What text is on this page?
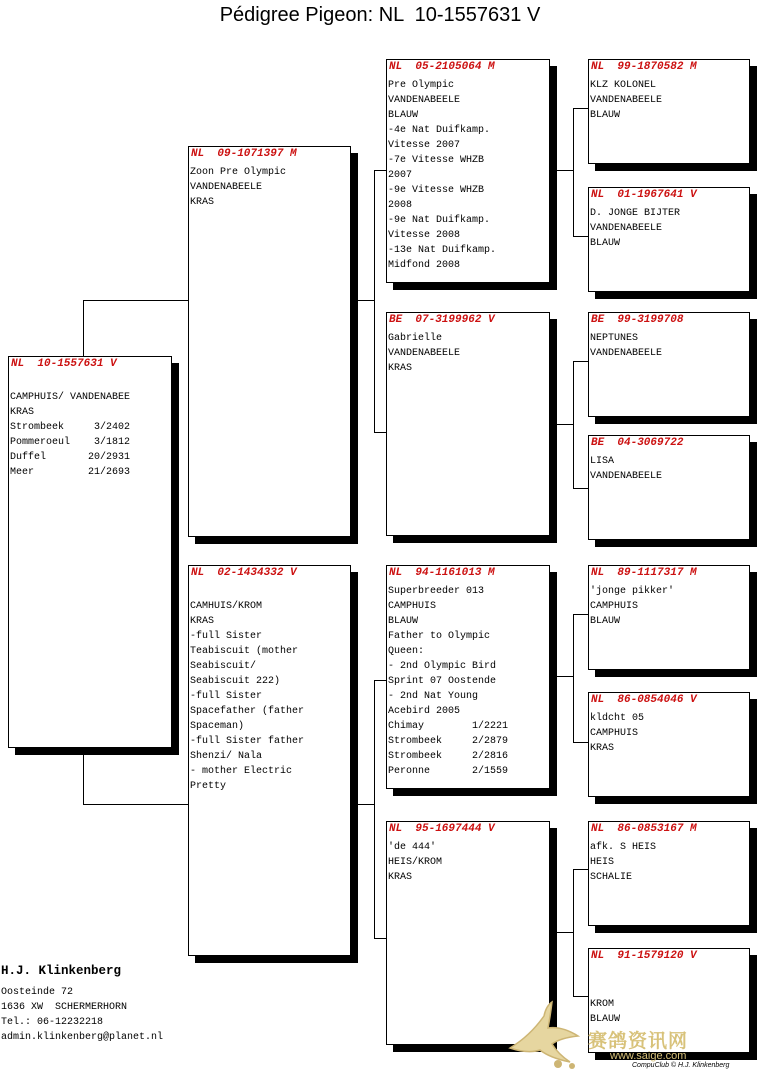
Pédigree Pigeon: NL  10-1557631 V
NL  10-1557631 V

CAMPHUIS/ VANDENABEE
KRAS
Strombeek     3/2402
Pommeroeul    3/1812
Duffel       20/2931
Meer         21/2693
NL  09-1071397 M
Zoon Pre Olympic
VANDENABEELE
KRAS
NL  02-1434332 V

CAMHUIS/KROM
KRAS
-full Sister
Teabiscuit (mother
Seabiscuit/
Seabiscuit 222)
-full Sister
Spacefather (father
Spaceman)
-full Sister father
Shenzi/ Nala
- mother Electric
Pretty
NL  05-2105064 M
Pre Olympic
VANDENABEELE
BLAUW
-4e Nat Duifkamp.
Vitesse 2007
-7e Vitesse WHZB
2007
-9e Vitesse WHZB
2008
-9e Nat Duifkamp.
Vitesse 2008
-13e Nat Duifkamp.
Midfond 2008
BE  07-3199962 V
Gabrielle
VANDENABEELE
KRAS
NL  94-1161013 M
Superbreeder 013
CAMPHUIS
BLAUW
Father to Olympic
Queen:
- 2nd Olympic Bird
Sprint 07 Oostende
- 2nd Nat Young
Acebird 2005
Chimay        1/2221
Strombeek     2/2879
Strombeek     2/2816
Peronne       2/1559
NL  95-1697444 V
'de 444'
HEIS/KROM
KRAS
NL  99-1870582 M
KLZ KOLONEL
VANDENABEELE
BLAUW
NL  01-1967641 V
D. JONGE BIJTER
VANDENABEELE
BLAUW
BE  99-3199708
NEPTUNES
VANDENABEELE
BE  04-3069722
LISA
VANDENABEELE
NL  89-1117317 M
'jonge pikker'
CAMPHUIS
BLAUW
NL  86-0854046 V
kldcht 05
CAMPHUIS
KRAS
NL  86-0853167 M
afk. S HEIS
HEIS
SCHALIE
NL  91-1579120 V

KROM
BLAUW
H.J. Klinkenberg
Oosteinde 72
1636 XW  SCHERMERHORN
Tel.: 06-12232218
admin.klinkenberg@planet.nl	赛鸽资讯网
www.saige.com
CompuClub © H.J. Klinkenberg
